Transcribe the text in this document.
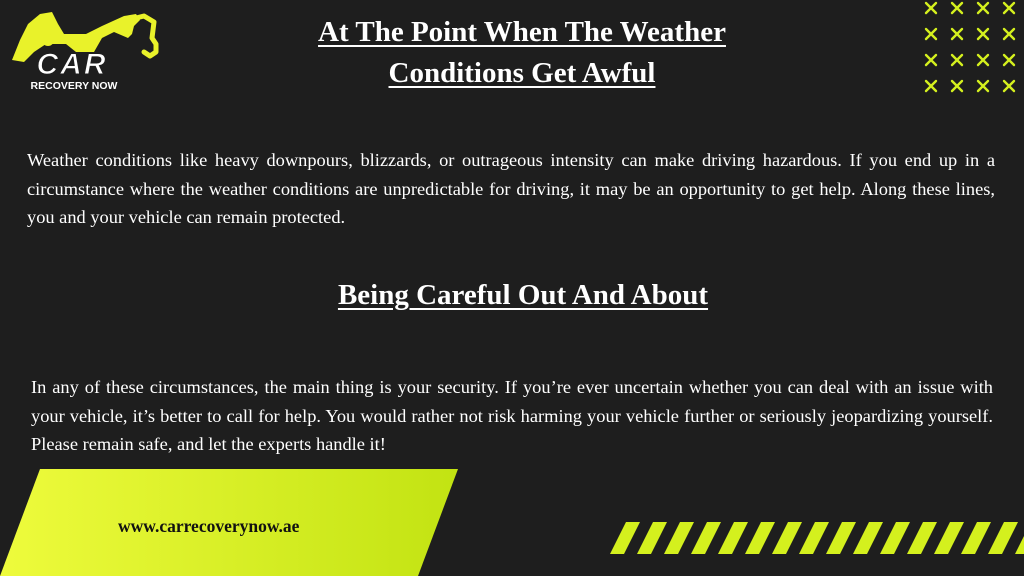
CAR
RECOVERY NOW
At The Point When The Weather Conditions Get Awful

Weather conditions like heavy downpours, blizzards, or outrageous intensity can make driving hazardous. If you end up in a circumstance where the weather conditions are unpredictable for driving, it may be an opportunity to get help. Along these lines, you and your vehicle can remain protected.

Being Careful Out And About

In any of these circumstances, the main thing is your security. If you’re ever uncertain whether you can deal with an issue with your vehicle, it’s better to call for help. You would rather not risk harming your vehicle further or seriously jeopardizing yourself. Please remain safe, and let the experts handle it!

www.carrecoverynow.ae
